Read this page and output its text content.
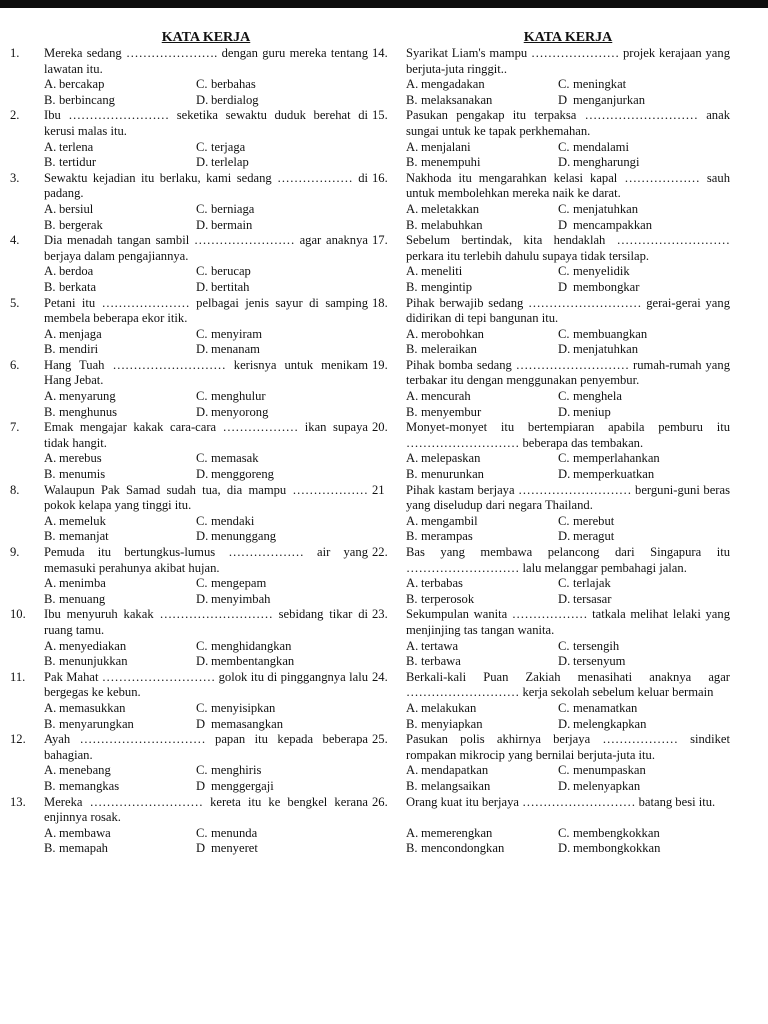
KATA KERJA
1.	Mereka sedang …………………. dengan guru mereka tentang lawatan itu.
A. bercakap	C. berbahas
B. berbincang	D. berdialog
2.	Ibu …………………… seketika sewaktu duduk berehat di kerusi malas itu.
A. terlena	C. terjaga
B. tertidur	D. terlelap
3.	Sewaktu kejadian itu berlaku, kami sedang ……………… di padang.
A. bersiul	C. berniaga
B. bergerak	D. bermain
4.	Dia menadah tangan sambil …………………… agar anaknya berjaya dalam pengajiannya.
A. berdoa	C. berucap
B. berkata	D. bertitah
5.	Petani itu ………………… pelbagai jenis sayur di samping membela beberapa ekor itik.
A. menjaga	C. menyiram
B. mendiri	D. menanam
6.	Hang Tuah ……………………… kerisnya untuk menikam Hang Jebat.
A. menyarung	C. menghulur
B. menghunus	D. menyorong
7.	Emak mengajar kakak cara-cara ……………… ikan supaya tidak hangit.
A. merebus	C. memasak
B. menumis	D. menggoreng
8.	Walaupun Pak Samad sudah tua, dia mampu ……………… pokok kelapa yang tinggi itu.
A. memeluk	C. mendaki
B. memanjat	D. menunggang
9.	Pemuda itu bertungkus-lumus ……………… air yang memasuki perahunya akibat hujan.
A. menimba	C. mengepam
B. menuang	D. menyimbah
10.	Ibu menyuruh kakak ……………………… sebidang tikar di ruang tamu.
A. menyediakan	C. menghidangkan
B. menunjukkan	D. membentangkan
11.	Pak Mahat ……………………… golok itu di pinggangnya lalu bergegas ke kebun.
A. memasukkan	C. menyisipkan
B. menyarungkan	D memasangkan
12.	Ayah ………………………… papan itu kepada beberapa bahagian.
A. menebang	C. menghiris
B. memangkas	D menggergaji
13.	Mereka ……………………… kereta itu ke bengkel kerana enjinnya rosak.
A. membawa	C. menunda
B. memapah	D menyeret
KATA KERJA
14.	Syarikat Liam's mampu ………………… projek kerajaan yang berjuta-juta ringgit..
A. mengadakan	C. meningkat
B. melaksanakan	D menganjurkan
15.	Pasukan pengakap itu terpaksa ……………………… anak sungai untuk ke tapak perkhemahan.
A. menjalani	C. mendalami
B. menempuhi	D. mengharungi
16.	Nakhoda itu mengarahkan kelasi kapal ……………… sauh untuk membolehkan mereka naik ke darat.
A. meletakkan	C. menjatuhkan
B. melabuhkan	D mencampakkan
17.	Sebelum bertindak, kita hendaklah ……………………… perkara itu terlebih dahulu supaya tidak tersilap.
A. meneliti	C. menyelidik
B. mengintip	D membongkar
18.	Pihak berwajib sedang ……………………… gerai-gerai yang didirikan di tepi bangunan itu.
A. merobohkan	C. membuangkan
B. meleraikan	D. menjatuhkan
19.	Pihak bomba sedang ……………………… rumah-rumah yang terbakar itu dengan menggunakan penyembur.
A. mencurah	C. menghela
B. menyembur	D. meniup
20.	Monyet-monyet itu bertempiaran apabila pemburu itu ……………………… beberapa das tembakan.
A. melepaskan	C. memperlahankan
B. menurunkan	D. memperkuatkan
21	Pihak kastam berjaya ……………………… berguni-guni beras yang diseludup dari negara Thailand.
A. mengambil	C. merebut
B. merampas	D. meragut
22.	Bas yang membawa pelancong dari Singapura itu ……………………… lalu melanggar pembahagi jalan.
A. terbabas	C. terlajak
B. terperosok	D. tersasar
23.	Sekumpulan wanita ……………… tatkala melihat lelaki yang menjinjing tas tangan wanita.
A. tertawa	C. tersengih
B. terbawa	D. tersenyum
24.	Berkali-kali Puan Zakiah menasihati anaknya agar ……………………… kerja sekolah sebelum keluar bermain
A. melakukan	C. menamatkan
B. menyiapkan	D. melengkapkan
25.	Pasukan polis akhirnya berjaya ……………… sindiket rompakan mikrocip yang bernilai berjuta-juta itu.
A. mendapatkan	C. menumpaskan
B. melangsaikan	D. melenyapkan
26.	Orang kuat itu berjaya ……………………… batang besi itu.
A. memerengkan	C. membengkokkan
B. mencondongkan	D. membongkokkan
